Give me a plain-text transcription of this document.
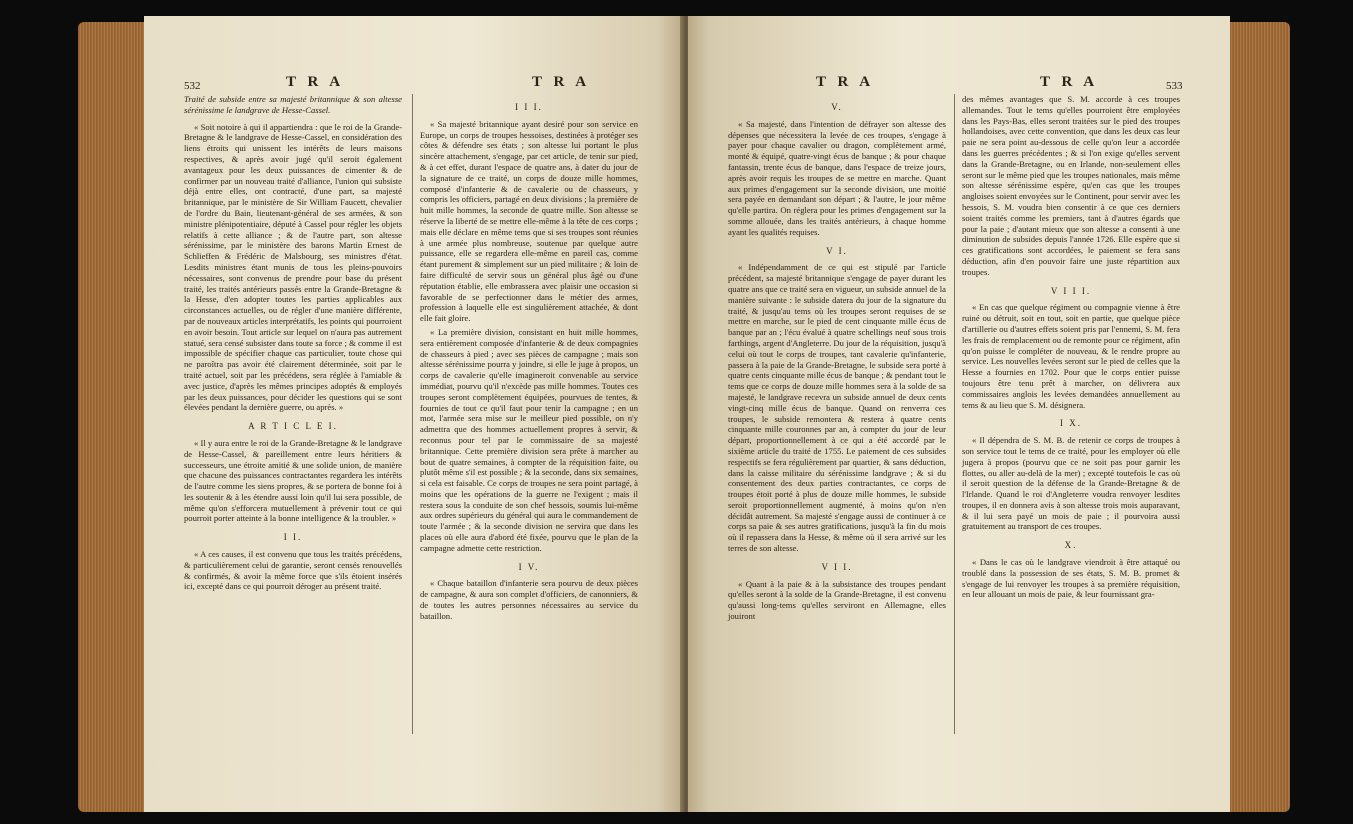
532	T R A	T R A

Traité de subside entre sa majesté britannique & son altesse sérénissime le landgrave de Hesse-Cassel.

« Soit notoire à qui il appartiendra : que le roi de la Grande-Bretagne & le landgrave de Hesse-Cassel, en considération des liens étroits qui unissent les intérêts de leurs maisons respectives, & après avoir jugé qu'il seroit également avantageux pour les deux puissances de cimenter & de confirmer par un nouveau traité d'alliance, l'union qui subsiste déjà entre elles, ont contracté, d'une part, sa majesté britannique, par le ministère de Sir William Faucett, chevalier de l'ordre du Bain, lieutenant-général de ses armées, & son ministre plénipotentiaire, député à Cassel pour régler les objets relatifs à cette alliance ; & de l'autre part, son altesse sérénissime, par le ministère des barons Martin Ernest de Schlieffen & Frédéric de Malsbourg, ses ministres d'état. Lesdits ministres étant munis de tous les pleins-pouvoirs nécessaires, sont convenus de prendre pour base du présent traité, les traités antérieurs passés entre la Grande-Bretagne & la Hesse, d'en adopter toutes les parties applicables aux circonstances actuelles, ou de régler d'une manière différente, par de nouveaux articles interprétatifs, les points qui pourroient en avoir besoin. Tout article sur lequel on n'aura pas autrement statué, sera censé subsister dans toute sa force ; & comme il est impossible de spécifier chaque cas particulier, toute chose qui ne paroîtra pas avoir été clairement déterminée, soit par le traité actuel, soit par les précédens, sera réglée à l'amiable & avec justice, d'après les mêmes principes adoptés & employés par les deux puissances, pour décider les questions qui se sont élevées pendant la dernière guerre, ou après. »

A R T I C L E I.

« Il y aura entre le roi de la Grande-Bretagne & le landgrave de Hesse-Cassel, & pareillement entre leurs héritiers & successeurs, une étroite amitié & une solide union, de manière que chacune des puissances contractantes regardera les intérêts de l'autre comme les siens propres, & se portera de bonne foi à les soutenir & à les étendre aussi loin qu'il lui sera possible, de même qu'on s'efforcera mutuellement à prévenir tout ce qui pourroit porter atteinte à la bonne intelligence & la troubler. »

I I.

« A ces causes, il est convenu que tous les traités précédens, & particulièrement celui de garantie, seront censés renouvellés & confirmés, & avoir la même force que s'ils étoient insérés ici, excepté dans ce qui pourroit déroger au présent traité.

I I I.

« Sa majesté britannique ayant desiré pour son service en Europe, un corps de troupes hessoises, destinées à protéger ses côtes & défendre ses états ; son altesse lui portant le plus sincère attachement, s'engage, par cet article, de tenir sur pied, & à cet effet, durant l'espace de quatre ans, à dater du jour de la signature de ce traité, un corps de douze mille hommes, composé d'infanterie & de cavalerie ou de chasseurs, y compris les officiers, partagé en deux divisions ; la première de huit mille hommes, la seconde de quatre mille. Son altesse se réserve la liberté de se mettre elle-même à la tête de ces corps ; mais elle déclare en même tems que si ses troupes sont réunies à une armée plus nombreuse, soutenue par quelque autre puissance, elle se regardera elle-même en pareil cas, comme étant purement & simplement sur un pied militaire ; & loin de faire difficulté de servir sous un général plus âgé ou d'une réputation établie, elle embrassera avec plaisir une occasion si favorable de se perfectionner dans le métier des armes, profession à laquelle elle est singulièrement attachée, & dont elle fait gloire.

« La première division, consistant en huit mille hommes, sera entièrement composée d'infanterie & de deux compagnies de chasseurs à pied ; avec ses pièces de campagne ; mais son altesse sérénissime pourra y joindre, si elle le juge à propos, un corps de cavalerie qu'elle imagineroit convenable au service immédiat, pourvu qu'il n'excède pas mille hommes. Toutes ces troupes seront complètement équipées, pourvues de tentes, & fournies de tout ce qu'il faut pour tenir la campagne ; en un mot, l'armée sera mise sur le meilleur pied possible, on n'y admettra que des hommes actuellement propres à servir, & reconnus pour tel par le commissaire de sa majesté britannique. Cette première division sera prête à marcher au bout de quatre semaines, à compter de la réquisition faite, ou plutôt même s'il est possible ; & la seconde, dans six semaines, si cela est faisable. Ce corps de troupes ne sera point partagé, à moins que les opérations de la guerre ne l'exigent ; mais il restera sous la conduite de son chef hessois, soumis lui-même aux ordres supérieurs du général qui aura le commandement de toute l'armée ; & la seconde division ne servira que dans les places où elle aura d'abord été fixée, pourvu que le plan de la campagne admette cette restriction.

I V.

« Chaque bataillon d'infanterie sera pourvu de deux pièces de campagne, & aura son complet d'officiers, de canonniers, & de toutes les autres personnes nécessaires au service du bataillon.

T R A	T R A	533

V.

« Sa majesté, dans l'intention de défrayer son altesse des dépenses que nécessitera la levée de ces troupes, s'engage à payer pour chaque cavalier ou dragon, complètement armé, monté & équipé, quatre-vingt écus de banque ; & pour chaque fantassin, trente écus de banque, dans l'espace de treize jours, après avoir requis les troupes de se mettre en marche. Quant aux primes d'engagement sur la seconde division, une moitié sera payée en demandant son départ ; & l'autre, le jour même qu'elle partira. On réglera pour les primes d'engagement sur la somme allouée, dans les traités antérieurs, à chaque homme ayant les qualités requises.

V I.

« Indépendamment de ce qui est stipulé par l'article précédent, sa majesté britannique s'engage de payer durant les quatre ans que ce traité sera en vigueur, un subside annuel de la manière suivante : le subside datera du jour de la signature du traité, & jusqu'au tems où les troupes seront requises de se mettre en marche, sur le pied de cent cinquante mille écus de banque par an ; l'écu évalué à quatre schellings neuf sous trois farthings, argent d'Angleterre. Du jour de la réquisition, jusqu'à celui où tout le corps de troupes, tant cavalerie qu'infanterie, passera à la paie de la Grande-Bretagne, le subside sera porté à quatre cents cinquante mille écus de banque ; & pendant tout le tems que ce corps de douze mille hommes sera à la solde de sa majesté, le landgrave recevra un subside annuel de deux cents vingt-cinq mille écus de banque. Quand on renverra ces troupes, le subside remontera & restera à quatre cents cinquante mille couronnes par an, à compter du jour de leur départ, proportionnellement à ce qui a été accordé par le sixième article du traité de 1755. Le paiement de ces subsides respectifs se fera régulièrement par quartier, & sans déduction, dans la caisse militaire du sérénissime landgrave ; & si du consentement des deux parties contractantes, ce corps de troupes étoit porté à plus de douze mille hommes, le subside seroit proportionnellement augmenté, à moins qu'on n'en décidât autrement. Sa majesté s'engage aussi de continuer à ce corps sa paie & ses autres gratifications, jusqu'à la fin du mois où il repassera dans la Hesse, & même où il sera arrivé sur les terres de son altesse.

V I I.

« Quant à la paie & à la subsistance des troupes pendant qu'elles seront à la solde de la Grande-Bretagne, il est convenu qu'aussi long-tems qu'elles serviront en Allemagne, elles jouiront

des mêmes avantages que S. M. accorde à ces troupes allemandes. Tout le tems qu'elles pourroient être employées dans les Pays-Bas, elles seront traitées sur le pied des troupes hollandoises, avec cette convention, que dans les deux cas leur paie ne sera point au-dessous de celle qu'on leur a accordée dans les guerres précédentes ; & si l'on exige qu'elles servent dans la Grande-Bretagne, ou en Irlande, non-seulement elles seront sur le même pied que les troupes nationales, mais même son altesse sérénissime espère, qu'en cas que les troupes angloises soient envoyées sur le Continent, pour servir avec les hessois, S. M. voudra bien consentir à ce que ces derniers soient traités comme les premiers, tant à d'autres égards que pour la paie ; d'autant mieux que son altesse a consenti à une diminution de subsides depuis l'année 1726. Elle espère que si ces gratifications sont accordées, le paiement se fera sans déduction, afin d'en pouvoir faire une juste répartition aux troupes.

V I I I.

« En cas que quelque régiment ou compagnie vienne à être ruiné ou détruit, soit en tout, soit en partie, que quelque pièce d'artillerie ou d'autres effets soient pris par l'ennemi, S. M. fera les frais de remplacement ou de remonte pour ce régiment, afin qu'on puisse le compléter de nouveau, & le rendre propre au service. Les nouvelles levées seront sur le pied de celles que la Hesse a fournies en 1702. Pour que le corps entier puisse toujours être tenu prêt à marcher, on délivrera aux commissaires anglois les levées demandées annuellement au tems & au lieu que S. M. désignera.

I X.

« Il dépendra de S. M. B. de retenir ce corps de troupes à son service tout le tems de ce traité, pour les employer où elle jugera à propos (pourvu que ce ne soit pas pour garnir les flottes, ou aller au-delà de la mer) ; excepté toutefois le cas où il seroit question de la défense de la Grande-Bretagne & de l'Irlande. Quand le roi d'Angleterre voudra renvoyer lesdites troupes, il en donnera avis à son altesse trois mois auparavant, & il lui sera payé un mois de paie ; il pourvoira aussi gratuitement au transport de ces troupes.

X.

« Dans le cas où le landgrave viendroit à être attaqué ou troublé dans la possession de ses états, S. M. B. promet & s'engage de lui renvoyer les troupes à sa première réquisition, en leur allouant un mois de paie, & leur fournissant gra-
